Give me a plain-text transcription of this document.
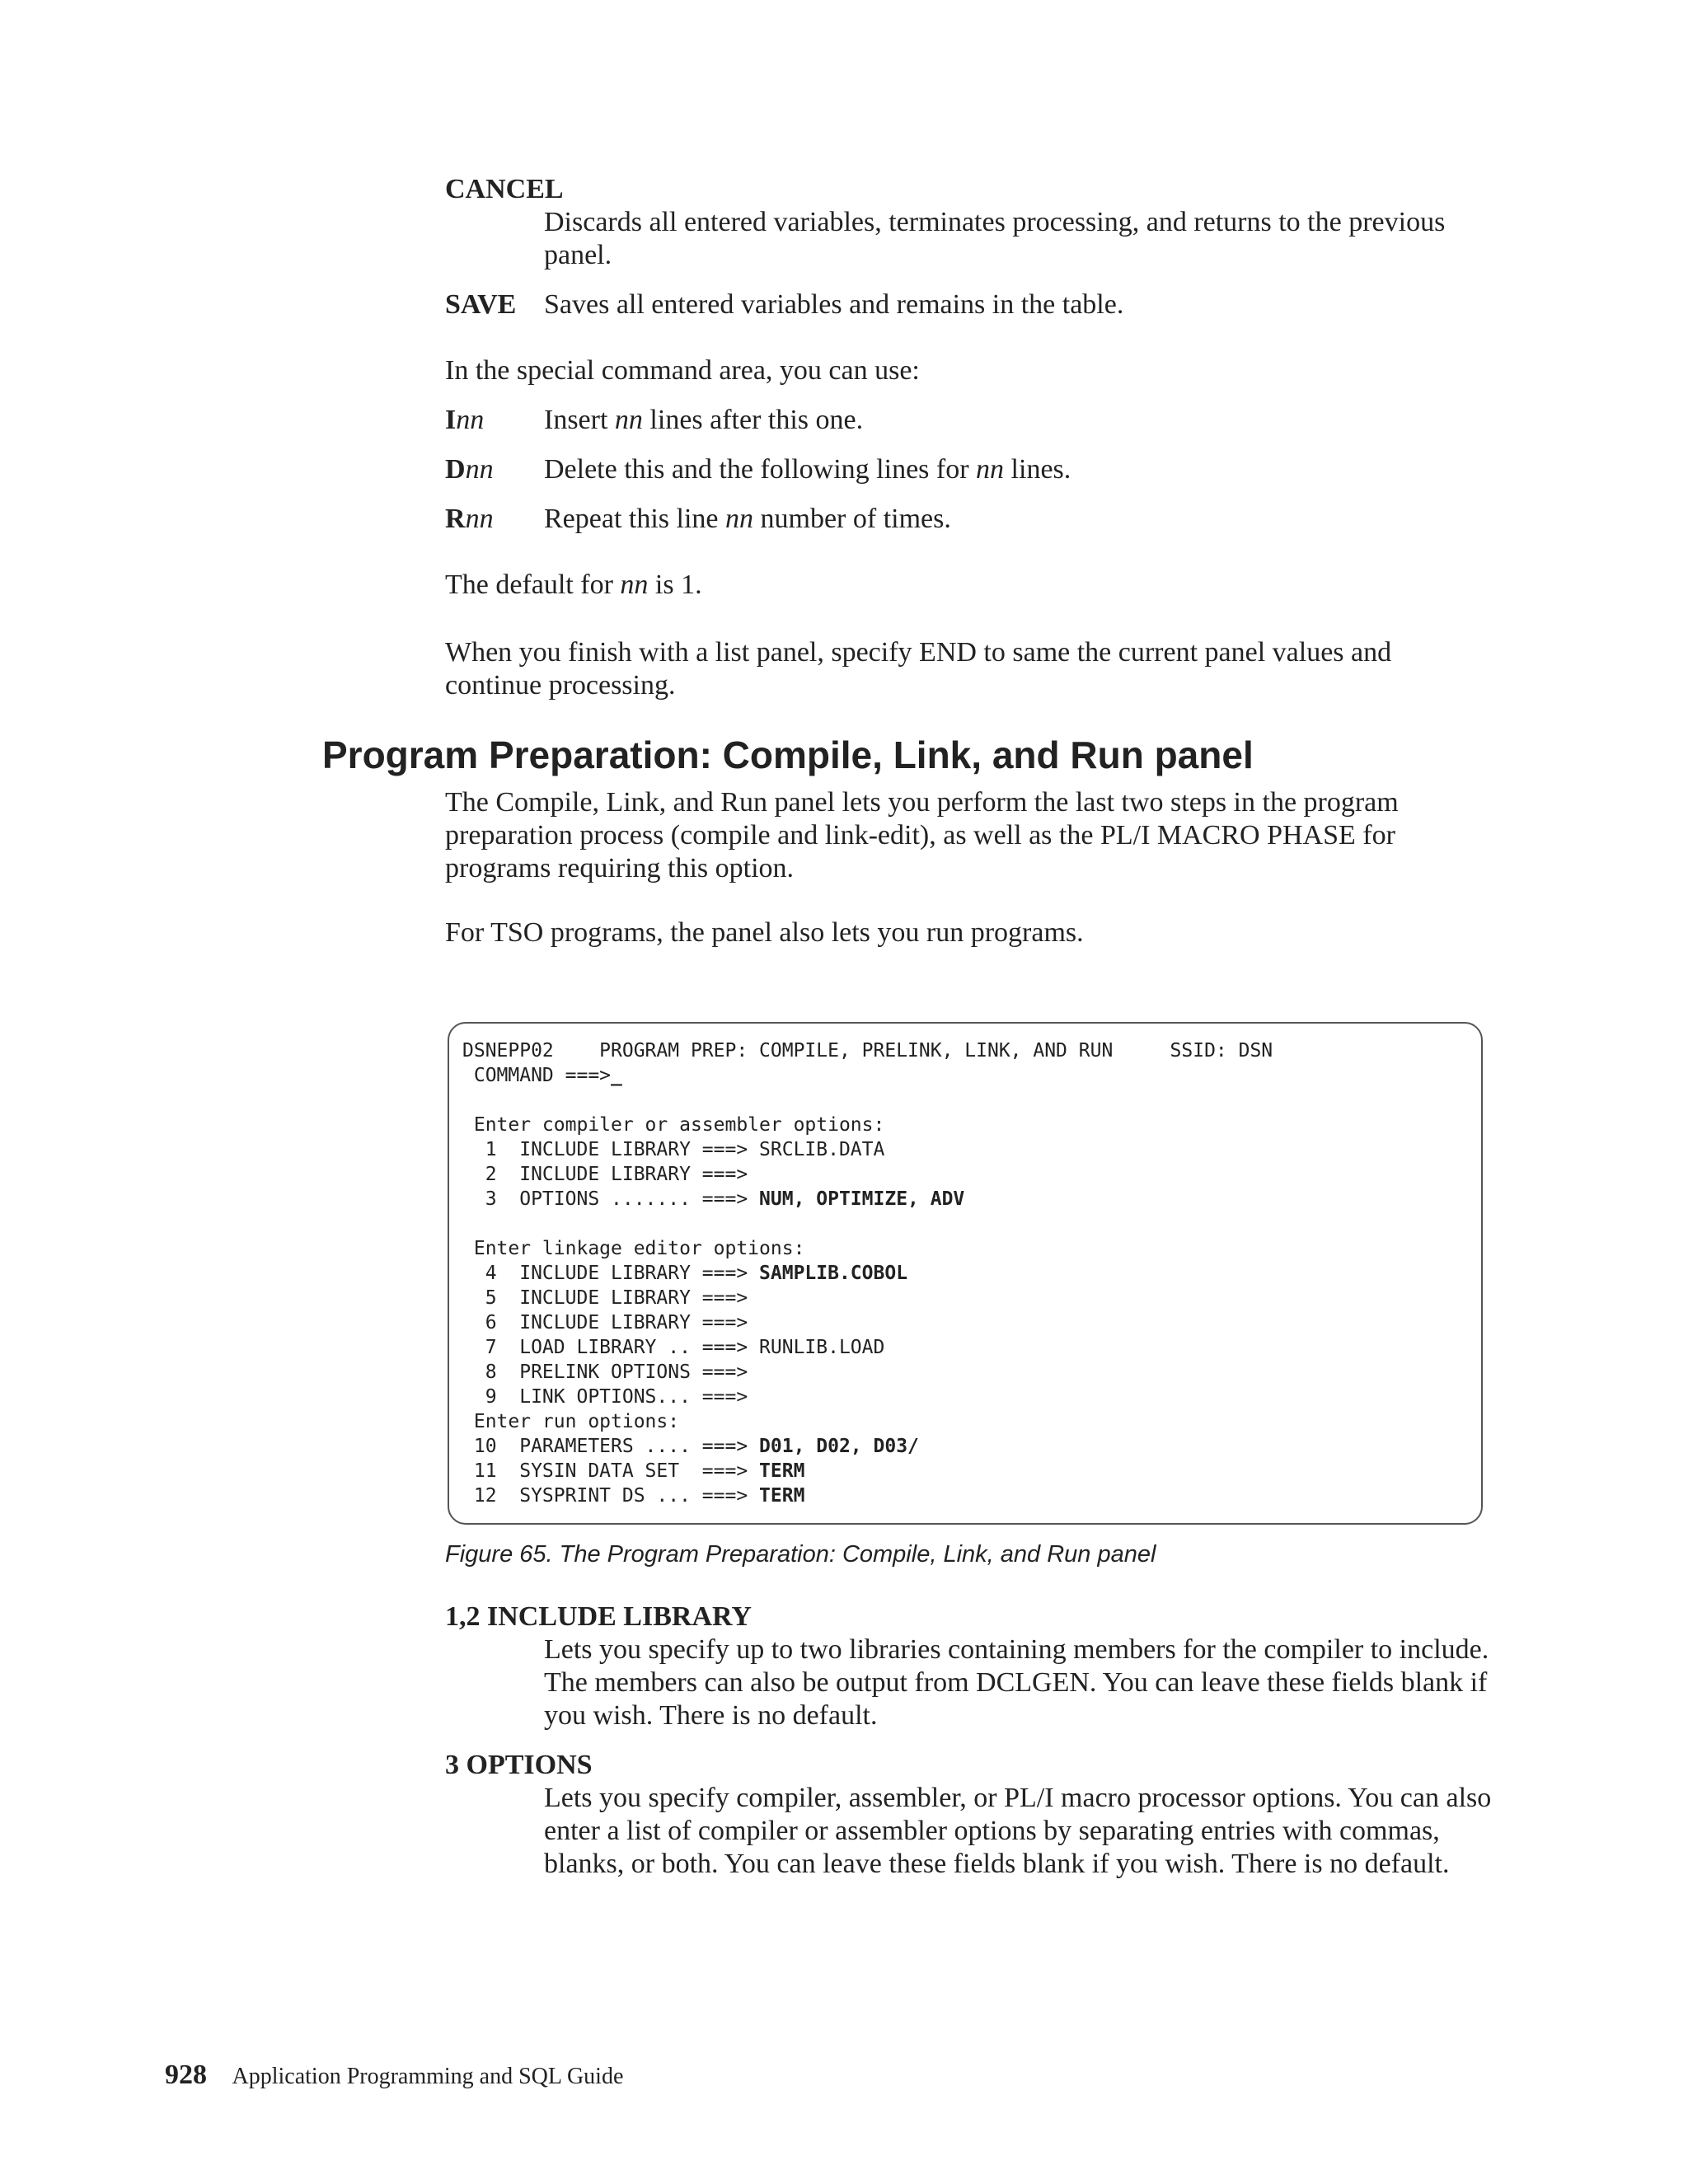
CANCEL
Discards all entered variables, terminates processing, and returns to the previous panel.
SAVE Saves all entered variables and remains in the table.
In the special command area, you can use:
Inn Insert nn lines after this one.
Dnn Delete this and the following lines for nn lines.
Rnn Repeat this line nn number of times.
The default for nn is 1.
When you finish with a list panel, specify END to same the current panel values and continue processing.
Program Preparation: Compile, Link, and Run panel
The Compile, Link, and Run panel lets you perform the last two steps in the program preparation process (compile and link-edit), as well as the PL/I MACRO PHASE for programs requiring this option.
For TSO programs, the panel also lets you run programs.
DSNEPP02    PROGRAM PREP: COMPILE, PRELINK, LINK, AND RUN     SSID: DSN
COMMAND ===>_
Enter compiler or assembler options:
1  INCLUDE LIBRARY ===> SRCLIB.DATA
2  INCLUDE LIBRARY ===>
3  OPTIONS ....... ===> NUM, OPTIMIZE, ADV
Enter linkage editor options:
4  INCLUDE LIBRARY ===> SAMPLIB.COBOL
5  INCLUDE LIBRARY ===>
6  INCLUDE LIBRARY ===>
7  LOAD LIBRARY .. ===> RUNLIB.LOAD
8  PRELINK OPTIONS ===>
9  LINK OPTIONS... ===>
Enter run options:
10  PARAMETERS .... ===> D01, D02, D03/
11  SYSIN DATA SET  ===> TERM
12  SYSPRINT DS ... ===> TERM
Figure 65. The Program Preparation: Compile, Link, and Run panel
1,2 INCLUDE LIBRARY
Lets you specify up to two libraries containing members for the compiler to include. The members can also be output from DCLGEN. You can leave these fields blank if you wish. There is no default.
3 OPTIONS
Lets you specify compiler, assembler, or PL/I macro processor options. You can also enter a list of compiler or assembler options by separating entries with commas, blanks, or both. You can leave these fields blank if you wish. There is no default.
928 Application Programming and SQL Guide
